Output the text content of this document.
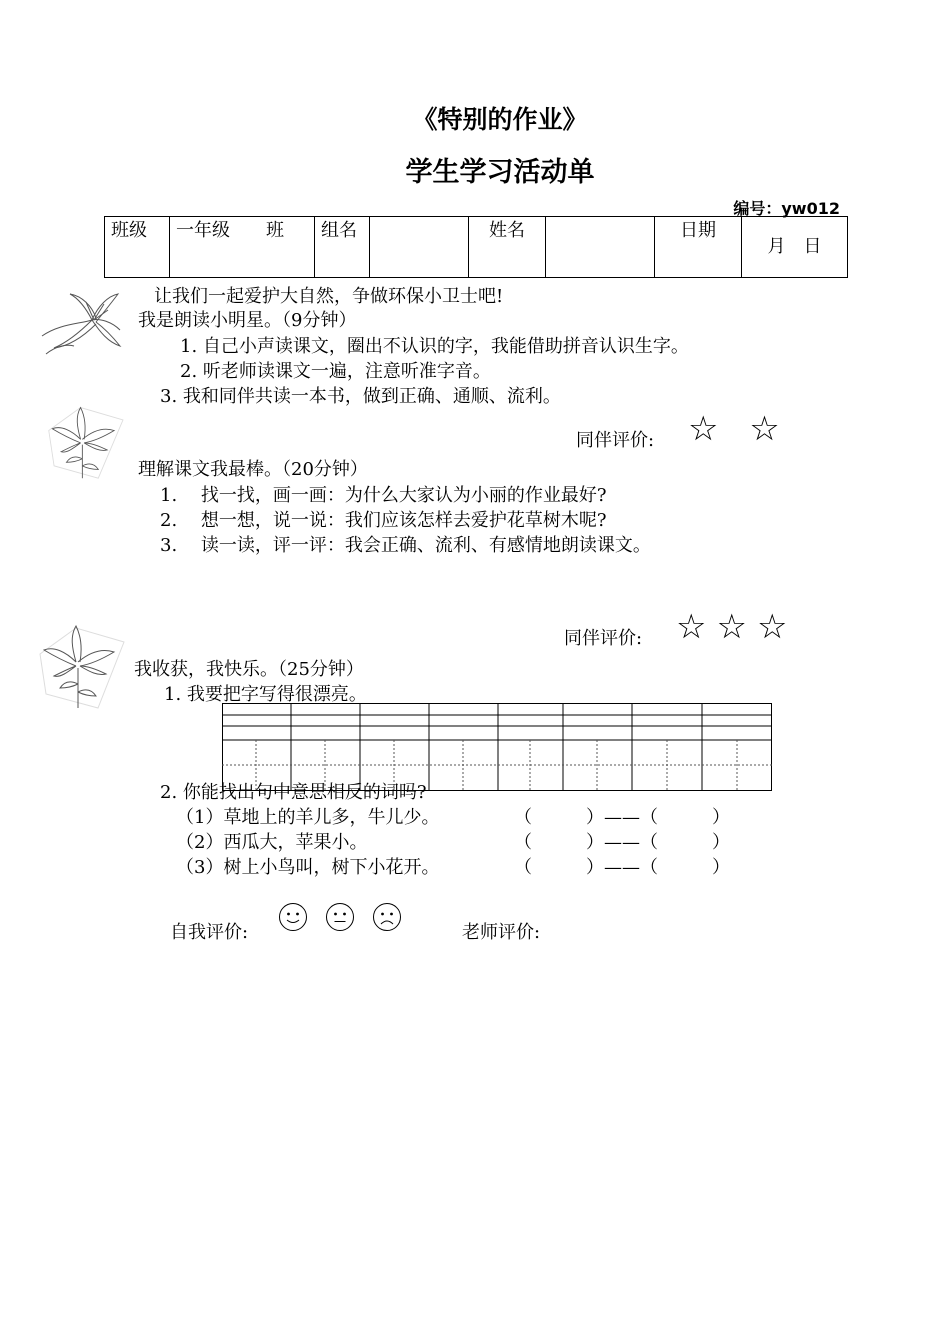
《特别的作业》
学生学习活动单
编号：yw012
班级	一年级　　班	组名		姓名		日期	月　日
让我们一起爱护大自然，争做环保小卫士吧!
我是朗读小明星。（9分钟）
1. 自己小声读课文，圈出不认识的字，我能借助拼音认识生字。
2. 听老师读课文一遍，注意听准字音。
3. 我和同伴共读一本书，做到正确、通顺、流利。
同伴评价: ☆ ☆
理解课文我最棒。（20分钟）
1.　 找一找，画一画：为什么大家认为小丽的作业最好?
2.　 想一想，说一说：我们应该怎样去爱护花草树木呢?
3.　 读一读，评一评：我会正确、流利、有感情地朗读课文。
同伴评价: ☆☆☆
我收获，我快乐。（25分钟）
1. 我要把字写得很漂亮。
2. 你能找出句中意思相反的词吗?
（1）草地上的羊儿多，牛儿少。	（　　　）——（　　　）
（2）西瓜大，苹果小。	（　　　）——（　　　）
（3）树上小鸟叫，树下小花开。	（　　　）——（　　　）
自我评价:
	老师评价:
